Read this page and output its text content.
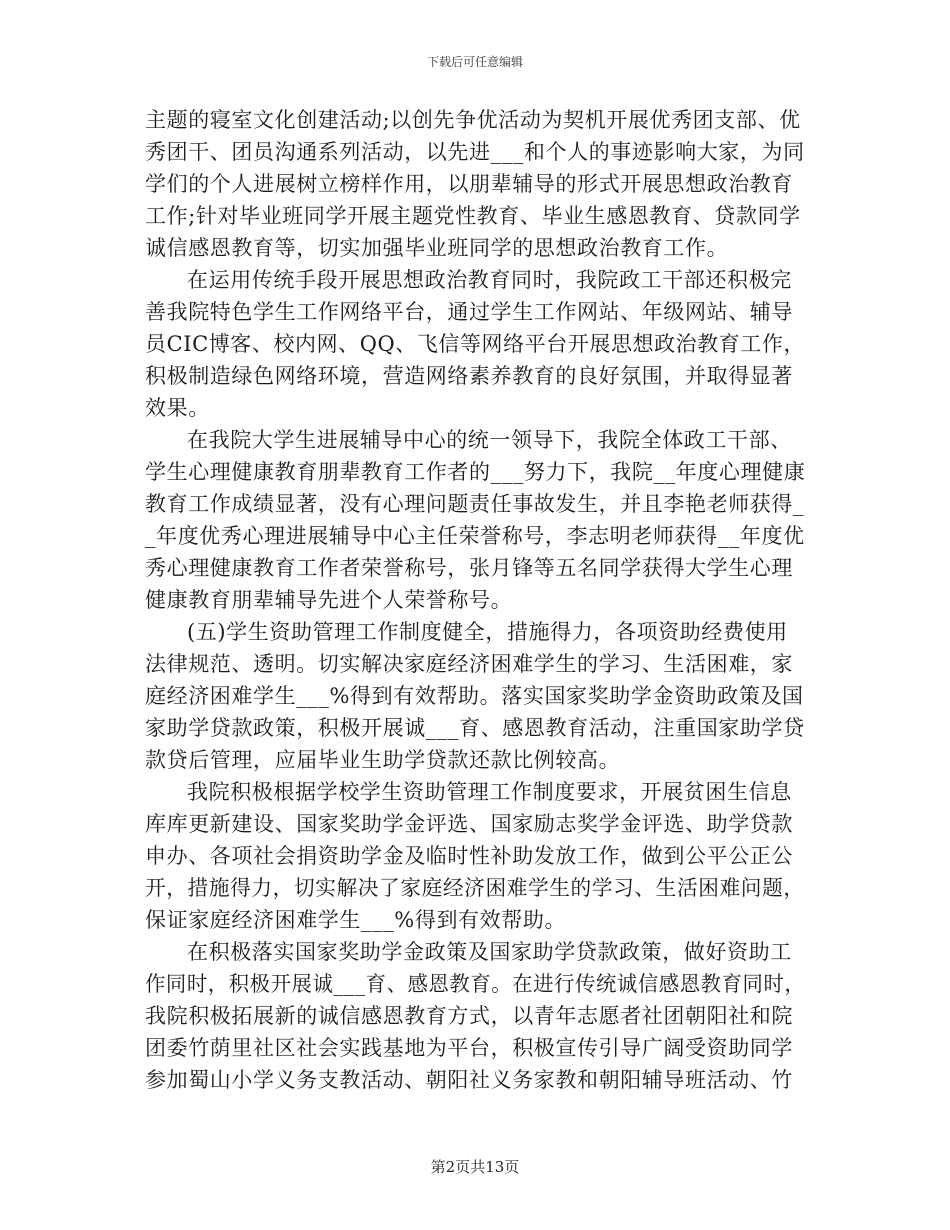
下载后可任意编辑
主题的寝室文化创建活动;以创先争优活动为契机开展优秀团支部、优
秀团干、团员沟通系列活动，以先进___和个人的事迹影响大家，为同
学们的个人进展树立榜样作用，以朋辈辅导的形式开展思想政治教育
工作;针对毕业班同学开展主题党性教育、毕业生感恩教育、贷款同学
诚信感恩教育等，切实加强毕业班同学的思想政治教育工作。
在运用传统手段开展思想政治教育同时，我院政工干部还积极完
善我院特色学生工作网络平台，通过学生工作网站、年级网站、辅导
员CIC博客、校内网、QQ、飞信等网络平台开展思想政治教育工作，
积极制造绿色网络环境，营造网络素养教育的良好氛围，并取得显著
效果。
在我院大学生进展辅导中心的统一领导下，我院全体政工干部、
学生心理健康教育朋辈教育工作者的___努力下，我院__年度心理健康
教育工作成绩显著，没有心理问题责任事故发生，并且李艳老师获得_
_年度优秀心理进展辅导中心主任荣誉称号，李志明老师获得__年度优
秀心理健康教育工作者荣誉称号，张月锋等五名同学获得大学生心理
健康教育朋辈辅导先进个人荣誉称号。
(五)学生资助管理工作制度健全，措施得力，各项资助经费使用
法律规范、透明。切实解决家庭经济困难学生的学习、生活困难，家
庭经济困难学生___%得到有效帮助。落实国家奖助学金资助政策及国
家助学贷款政策，积极开展诚___育、感恩教育活动，注重国家助学贷
款贷后管理，应届毕业生助学贷款还款比例较高。
我院积极根据学校学生资助管理工作制度要求，开展贫困生信息
库库更新建设、国家奖助学金评选、国家励志奖学金评选、助学贷款
申办、各项社会捐资助学金及临时性补助发放工作，做到公平公正公
开，措施得力，切实解决了家庭经济困难学生的学习、生活困难问题，
保证家庭经济困难学生___%得到有效帮助。
在积极落实国家奖助学金政策及国家助学贷款政策，做好资助工
作同时，积极开展诚___育、感恩教育。在进行传统诚信感恩教育同时，
我院积极拓展新的诚信感恩教育方式，以青年志愿者社团朝阳社和院
团委竹荫里社区社会实践基地为平台，积极宣传引导广阔受资助同学
参加蜀山小学义务支教活动、朝阳社义务家教和朝阳辅导班活动、竹
第2页共13页
